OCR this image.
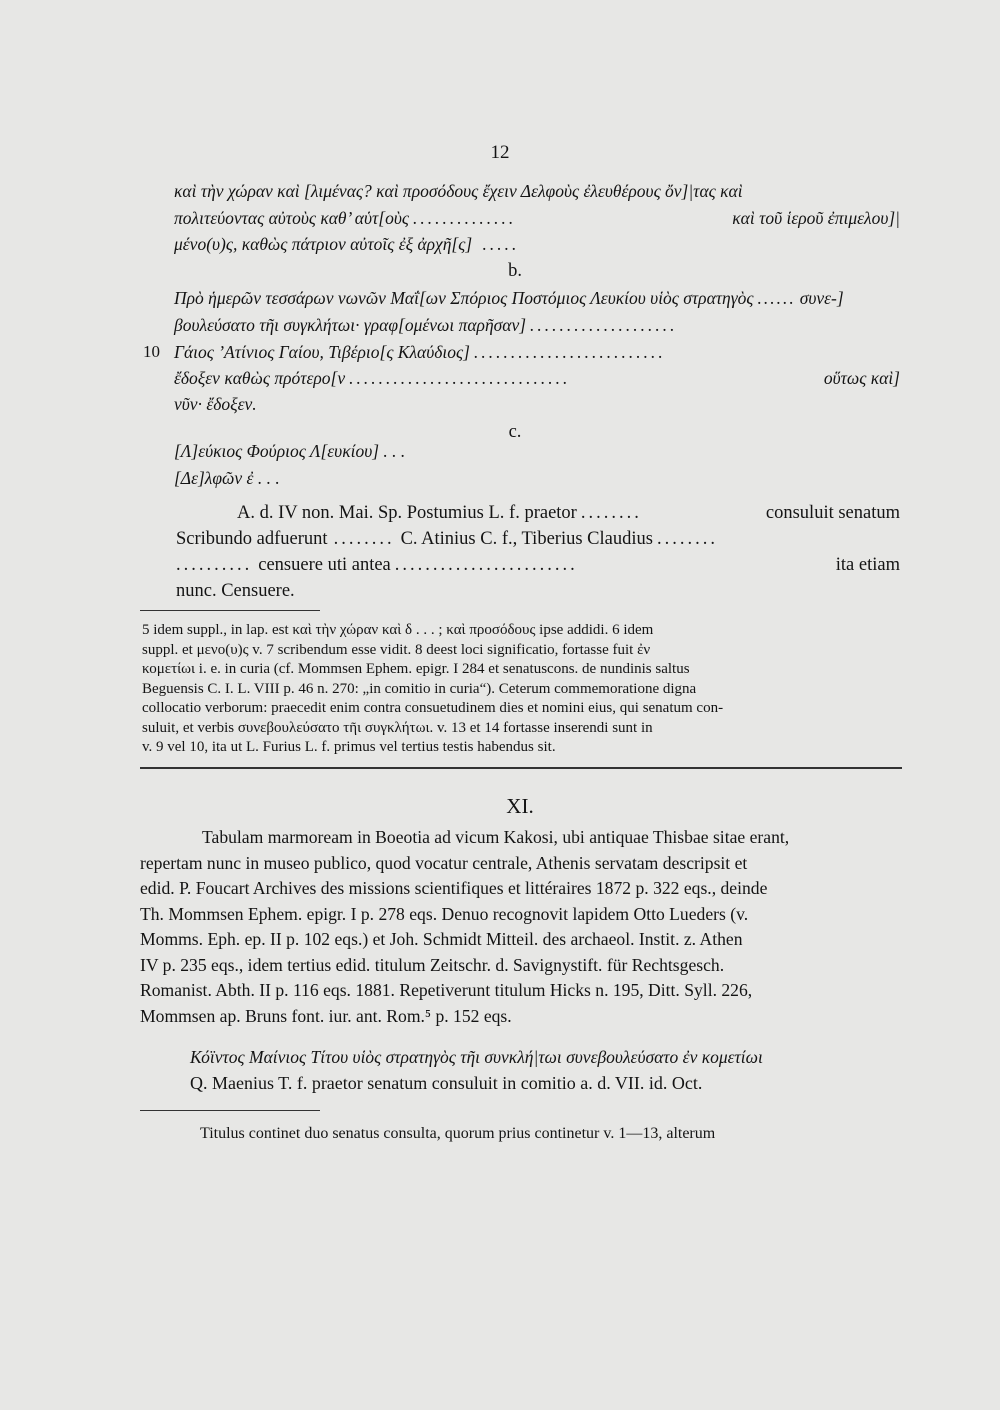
12
καὶ τὴν χώραν καὶ [λιμένας? καὶ προσόδους ἔχειν Δελφοὺς ἐλευθέρους ὄν]|τας καὶ
πολιτεύοντας αὐτοὺς καθ’ αὑτ[οὺς ..............	καὶ τοῦ ἱεροῦ ἐπιμελου]|
μένο(υ)ς, καθὼς πάτριον αὐτοῖς ἐξ ἀρχῆ[ς] .....
b.
Πρὸ ἡμερῶν τεσσάρων νωνῶν Μαΐ[ων Σπόριος Ποστόμιος Λευκίου υἱὸς στρατηγὸς ...... συνε-]
βουλεύσατο τῆι συγκλήτωι· γραφ[ομένωι παρῆσαν] ....................
10 Γάιος ’Ατίνιος Γαίου, Τιβέριο[ς Κλαύδιος] ..........................
ἔδοξεν καθὼς πρότερο[ν ..............................	οὕτως καὶ]
νῦν· ἔδοξεν.
c.
[Λ]εύκιος Φούριος Λ[ευκίου] . . .
[Δε]λφῶν ἐ . . .
A. d. IV non. Mai. Sp. Postumius L. f. praetor ........	consuluit senatum
Scribundo adfuerunt ........ C. Atinius C. f., Tiberius Claudius ........
.......... censuere uti antea ........................	ita etiam
nunc. Censuere.
5 idem suppl., in lap. est καὶ τὴν χώραν καὶ δ . . . ; καὶ προσόδους ipse addidi. 6 idem
suppl. et μενο(υ)ς v. 7 scribendum esse vidit. 8 deest loci significatio, fortasse fuit ἐν
κομετίωι i. e. in curia (cf. Mommsen Ephem. epigr. I 284 et senatuscons. de nundinis saltus
Beguensis C. I. L. VIII p. 46 n. 270: „in comitio in curia“). Ceterum commemoratione digna
collocatio verborum: praecedit enim contra consuetudinem dies et nomini eius, qui senatum con-
suluit, et verbis συνεβουλεύσατο τῆι συγκλήτωι. v. 13 et 14 fortasse inserendi sunt in
v. 9 vel 10, ita ut L. Furius L. f. primus vel tertius testis habendus sit.
XI.
Tabulam marmoream in Boeotia ad vicum Kakosi, ubi antiquae Thisbae sitae erant,
repertam nunc in museo publico, quod vocatur centrale, Athenis servatam descripsit et
edid. P. Foucart Archives des missions scientifiques et littéraires 1872 p. 322 eqs., deinde
Th. Mommsen Ephem. epigr. I p. 278 eqs. Denuo recognovit lapidem Otto Lueders (v.
Momms. Eph. ep. II p. 102 eqs.) et Joh. Schmidt Mitteil. des archaeol. Instit. z. Athen
IV p. 235 eqs., idem tertius edid. titulum Zeitschr. d. Savignystift. für Rechtsgesch.
Romanist. Abth. II p. 116 eqs. 1881. Repetiverunt titulum Hicks n. 195, Ditt. Syll. 226,
Mommsen ap. Bruns font. iur. ant. Rom.⁵ p. 152 eqs.
Κόϊντος Μαίνιος Τίτου υἱὸς στρατηγὸς τῆι συνκλή|τωι συνεβουλεύσατο ἐν κομετίωι
Q. Maenius T. f. praetor senatum consuluit in comitio a. d. VII. id. Oct.
Titulus continet duo senatus consulta, quorum prius continetur v. 1—13, alterum
